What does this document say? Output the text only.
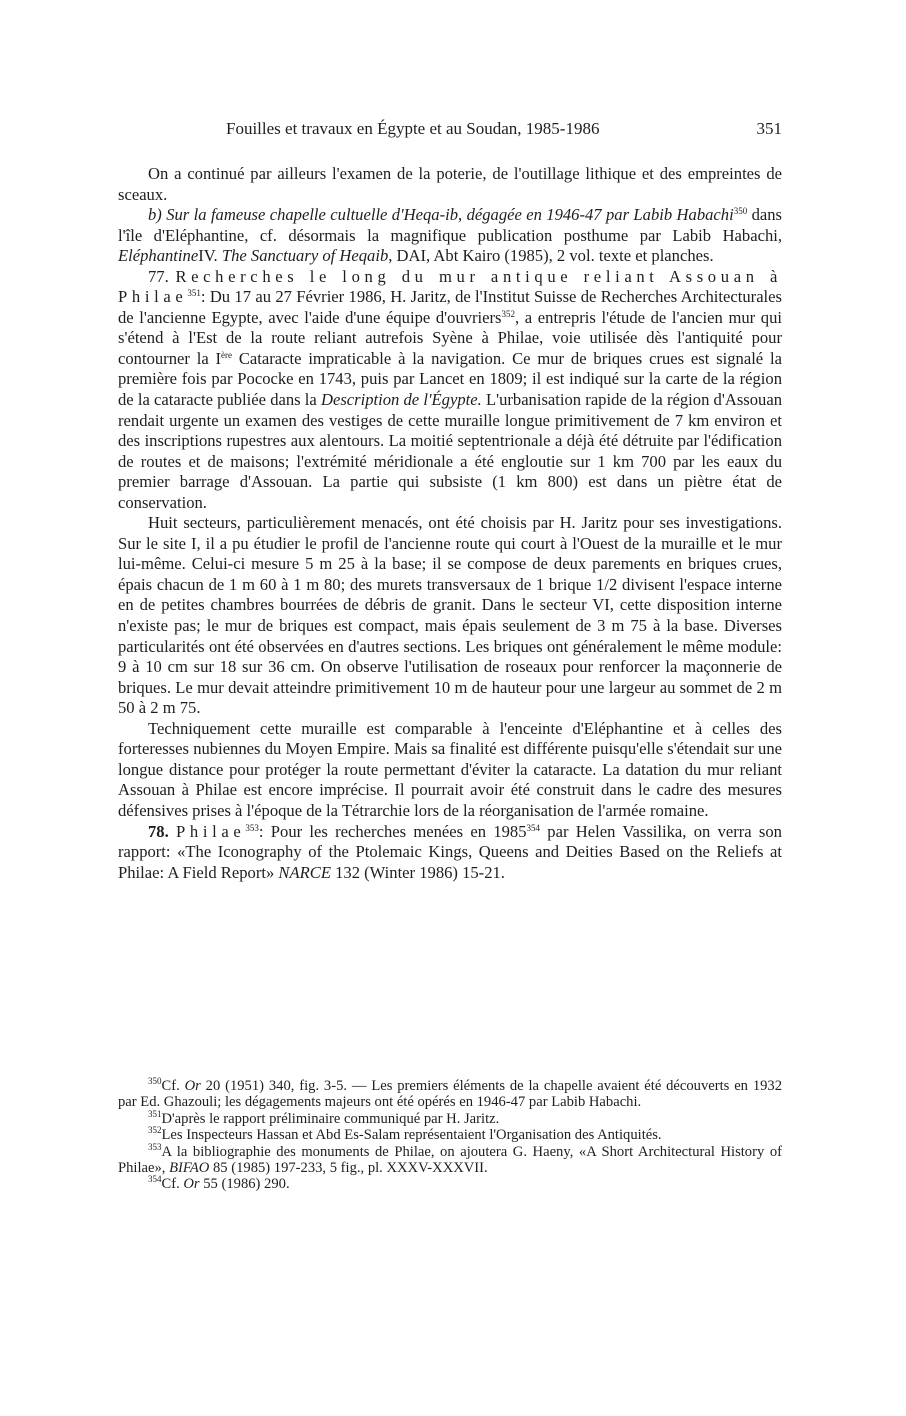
Fouilles et travaux en Égypte et au Soudan, 1985-1986	351

On a continué par ailleurs l'examen de la poterie, de l'outillage lithique et des empreintes de sceaux.

b) Sur la fameuse chapelle cultuelle d'Heqa-ib, dégagée en 1946-47 par Labib Habachi$^{350}$ dans l'île d'Eléphantine, cf. désormais la magnifique publication posthume par Labib Habachi, EléphantineIV. The Sanctuary of Heqaib, DAI, Abt Kairo (1985), 2 vol. texte et planches.

77. Recherches le long du mur antique reliant Assouan à Philae$^{351}$: Du 17 au 27 Février 1986, H. Jaritz, de l'Institut Suisse de Recherches Architecturales de l'ancienne Egypte, avec l'aide d'une équipe d'ouvriers$^{352}$, a entrepris l'étude de l'ancien mur qui s'étend à l'Est de la route reliant autrefois Syène à Philae, voie utilisée dès l'antiquité pour contourner la Ière Cataracte impraticable à la navigation. Ce mur de briques crues est signalé la première fois par Pococke en 1743, puis par Lancet en 1809; il est indiqué sur la carte de la région de la cataracte publiée dans la Description de l'Égypte. L'urbanisation rapide de la région d'Assouan rendait urgente un examen des vestiges de cette muraille longue primitivement de 7 km environ et des inscriptions rupestres aux alentours. La moitié septentrionale a déjà été détruite par l'édification de routes et de maisons; l'extrémité méridionale a été engloutie sur 1 km 700 par les eaux du premier barrage d'Assouan. La partie qui subsiste (1 km 800) est dans un piètre état de conservation.

Huit secteurs, particulièrement menacés, ont été choisis par H. Jaritz pour ses investigations. Sur le site I, il a pu étudier le profil de l'ancienne route qui court à l'Ouest de la muraille et le mur lui-même. Celui-ci mesure 5 m 25 à la base; il se compose de deux parements en briques crues, épais chacun de 1 m 60 à 1 m 80; des murets transversaux de 1 brique 1/2 divisent l'espace interne en de petites chambres bourrées de débris de granit. Dans le secteur VI, cette disposition interne n'existe pas; le mur de briques est compact, mais épais seulement de 3 m 75 à la base. Diverses particularités ont été observées en d'autres sections. Les briques ont généralement le même module: 9 à 10 cm sur 18 sur 36 cm. On observe l'utilisation de roseaux pour renforcer la maçonnerie de briques. Le mur devait atteindre primitivement 10 m de hauteur pour une largeur au sommet de 2 m 50 à 2 m 75.

Techniquement cette muraille est comparable à l'enceinte d'Eléphantine et à celles des forteresses nubiennes du Moyen Empire. Mais sa finalité est différente puisqu'elle s'étendait sur une longue distance pour protéger la route permettant d'éviter la cataracte. La datation du mur reliant Assouan à Philae est encore imprécise. Il pourrait avoir été construit dans le cadre des mesures défensives prises à l'époque de la Tétrarchie lors de la réorganisation de l'armée romaine.

78. Philae$^{353}$: Pour les recherches menées en 1985$^{354}$ par Helen Vassilika, on verra son rapport: «The Iconography of the Ptolemaic Kings, Queens and Deities Based on the Reliefs at Philae: A Field Report» NARCE 132 (Winter 1986) 15-21.

$^{350}$Cf. Or 20 (1951) 340, fig. 3-5. — Les premiers éléments de la chapelle avaient été découverts en 1932 par Ed. Ghazouli; les dégagements majeurs ont été opérés en 1946-47 par Labib Habachi.

$^{351}$D'après le rapport préliminaire communiqué par H. Jaritz.

$^{352}$Les Inspecteurs Hassan et Abd Es-Salam représentaient l'Organisation des Antiquités.

$^{353}$A la bibliographie des monuments de Philae, on ajoutera G. Haeny, «A Short Architectural History of Philae», BIFAO 85 (1985) 197-233, 5 fig., pl. XXXV-XXXVII.

$^{354}$Cf. Or 55 (1986) 290.
